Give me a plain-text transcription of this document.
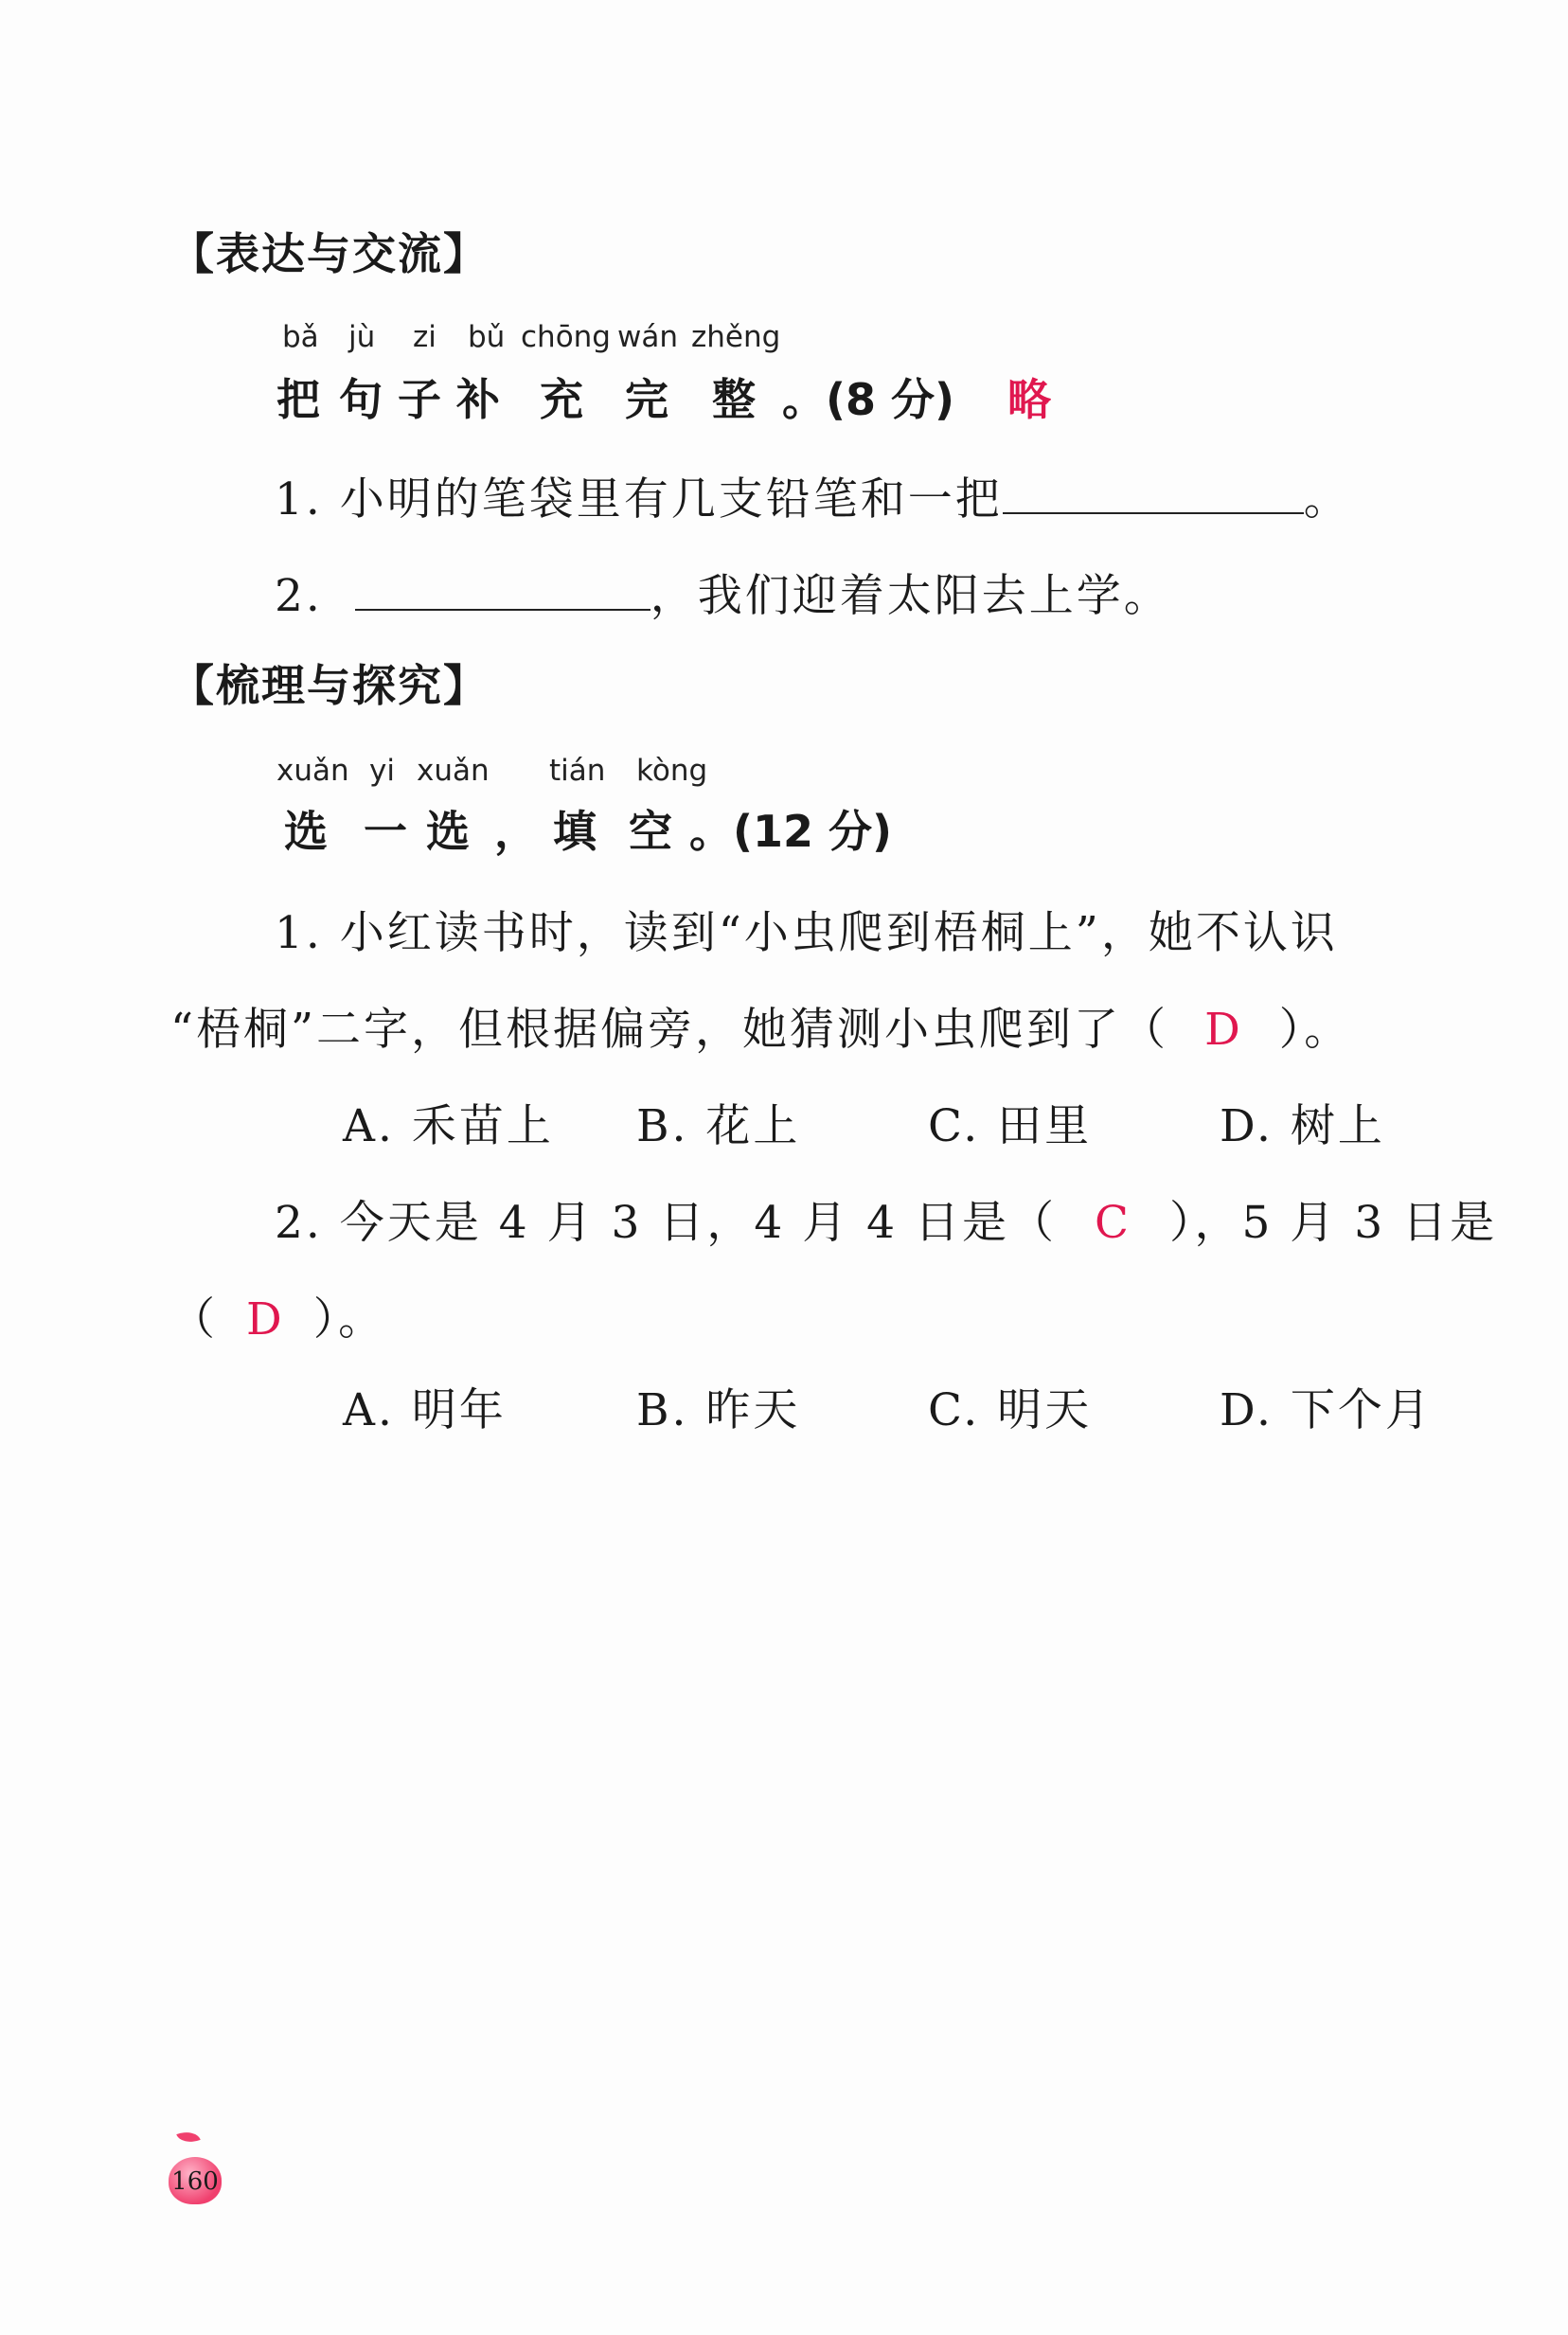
【表达与交流】
bǎ jù zi bǔ chōng wán zhěng
把 句 子 补 充 完 整 。(8 分) 略
1. 小明的笔袋里有几支铅笔和一把	。
2.	，我们迎着太阳去上学。
【梳理与探究】
xuǎn yi xuǎn tián kòng
选 一 选 ， 填 空 。(12 分)
1. 小红读书时，读到“小虫爬到梧桐上”，她不认识
“梧桐”二字，但根据偏旁，她猜测小虫爬到了（ D ）。
A. 禾苗上 B. 花上	C. 田里	D. 树上
2. 今天是 4 月 3 日，4 月 4 日是（ C ），5 月 3 日是
（ D ）。
A. 明年	B. 昨天	C. 明天	D. 下个月
160
